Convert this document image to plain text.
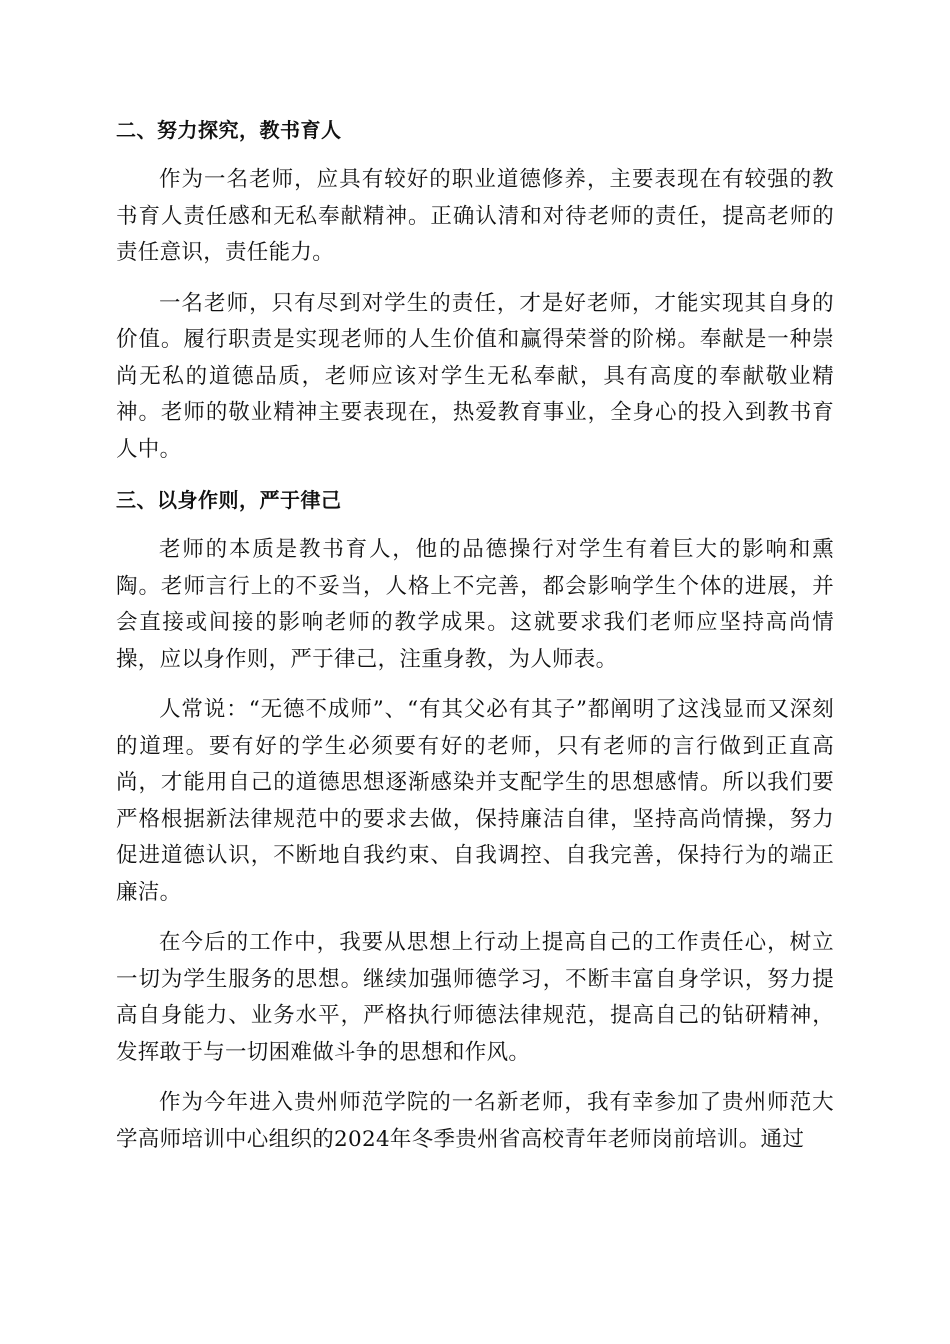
二、努力探究，教书育人

作为一名老师，应具有较好的职业道德修养，主要表现在有较强的教书育人责任感和无私奉献精神。正确认清和对待老师的责任，提高老师的责任意识，责任能力。

一名老师，只有尽到对学生的责任，才是好老师，才能实现其自身的价值。履行职责是实现老师的人生价值和赢得荣誉的阶梯。奉献是一种崇尚无私的道德品质，老师应该对学生无私奉献，具有高度的奉献敬业精神。老师的敬业精神主要表现在，热爱教育事业，全身心的投入到教书育人中。

三、以身作则，严于律己

老师的本质是教书育人，他的品德操行对学生有着巨大的影响和熏陶。老师言行上的不妥当，人格上不完善，都会影响学生个体的进展，并会直接或间接的影响老师的教学成果。这就要求我们老师应坚持高尚情操，应以身作则，严于律己，注重身教，为人师表。

人常说：“无德不成师”、“有其父必有其子”都阐明了这浅显而又深刻的道理。要有好的学生必须要有好的老师，只有老师的言行做到正直高尚，才能用自己的道德思想逐渐感染并支配学生的思想感情。所以我们要严格根据新法律规范中的要求去做，保持廉洁自律，坚持高尚情操，努力促进道德认识，不断地自我约束、自我调控、自我完善，保持行为的端正廉洁。

在今后的工作中，我要从思想上行动上提高自己的工作责任心，树立一切为学生服务的思想。继续加强师德学习，不断丰富自身学识，努力提高自身能力、业务水平，严格执行师德法律规范，提高自己的钻研精神，发挥敢于与一切困难做斗争的思想和作风。

作为今年进入贵州师范学院的一名新老师，我有幸参加了贵州师范大学高师培训中心组织的2024年冬季贵州省高校青年老师岗前培训。通过
